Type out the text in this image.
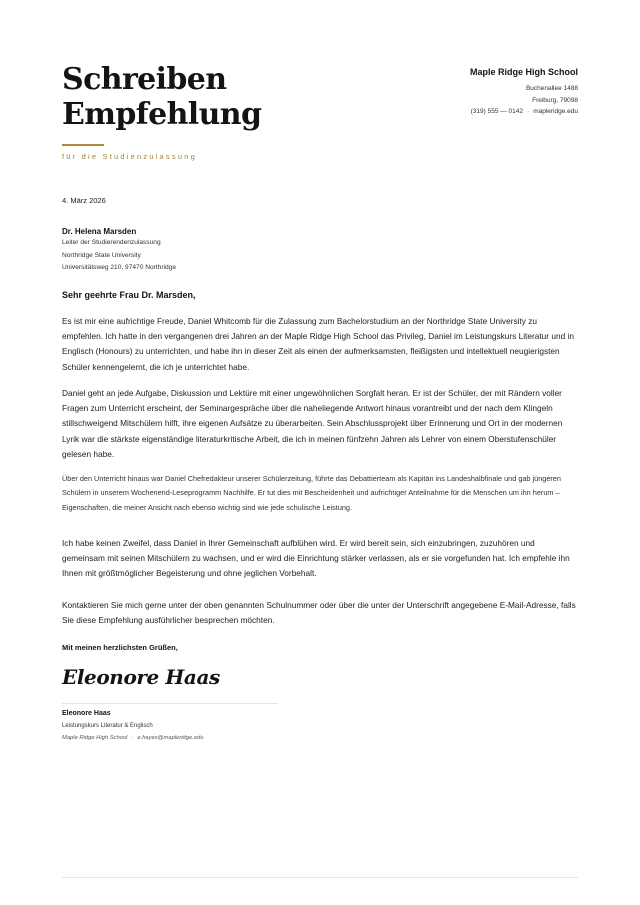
Schreiben
Empfehlung
für die Studienzulassung
Maple Ridge High School
Buchenallee 1488
Freiburg, 79098
(319) 555 — 0142 · mapleridge.edu
4. März 2026
Dr. Helena Marsden
Leiter der Studierendenzulassung
Northridge State University
Universitätsweg 210, 97470 Northridge
Sehr geehrte Frau Dr. Marsden,

Es ist mir eine aufrichtige Freude, Daniel Whitcomb für die Zulassung zum Bachelorstudium an der Northridge State University zu empfehlen. Ich hatte in den vergangenen drei Jahren an der Maple Ridge High School das Privileg, Daniel im Leistungskurs Literatur und in Englisch (Honours) zu unterrichten, und habe ihn in dieser Zeit als einen der aufmerksamsten, fleißigsten und intellektuell neugierigsten Schüler kennengelernt, die ich je unterrichtet habe.

Daniel geht an jede Aufgabe, Diskussion und Lektüre mit einer ungewöhnlichen Sorgfalt heran. Er ist der Schüler, der mit Rändern voller Fragen zum Unterricht erscheint, der Seminargespräche über die naheliegende Antwort hinaus vorantreibt und der nach dem Klingeln stillschweigend Mitschülern hilft, ihre eigenen Aufsätze zu überarbeiten. Sein Abschlussprojekt über Erinnerung und Ort in der modernen Lyrik war die stärkste eigenständige literaturkritische Arbeit, die ich in meinen fünfzehn Jahren als Lehrer von einem Oberstufenschüler gelesen habe.

Über den Unterricht hinaus war Daniel Chefredakteur unserer Schülerzeitung, führte das Debattierteam als Kapitän ins Landeshalbfinale und gab jüngeren Schülern in unserem Wochenend-Leseprogramm Nachhilfe. Er tut dies mit Bescheidenheit und aufrichtiger Anteilnahme für die Menschen um ihn herum – Eigenschaften, die meiner Ansicht nach ebenso wichtig sind wie jede schulische Leistung.

Ich habe keinen Zweifel, dass Daniel in Ihrer Gemeinschaft aufblühen wird. Er wird bereit sein, sich einzubringen, zuzuhören und gemeinsam mit seinen Mitschülern zu wachsen, und er wird die Einrichtung stärker verlassen, als er sie vorgefunden hat. Ich empfehle ihn Ihnen mit größtmöglicher Begeisterung und ohne jeglichen Vorbehalt.

Kontaktieren Sie mich gerne unter der oben genannten Schulnummer oder über die unter der Unterschrift angegebene E-Mail-Adresse, falls Sie diese Empfehlung ausführlicher besprechen möchten.

Mit meinen herzlichsten Grüßen,
Eleonore Haas
Eleonore Haas
Leistungskurs Literatur & Englisch
Maple Ridge High School · e.hayes@mapleridge.edu
